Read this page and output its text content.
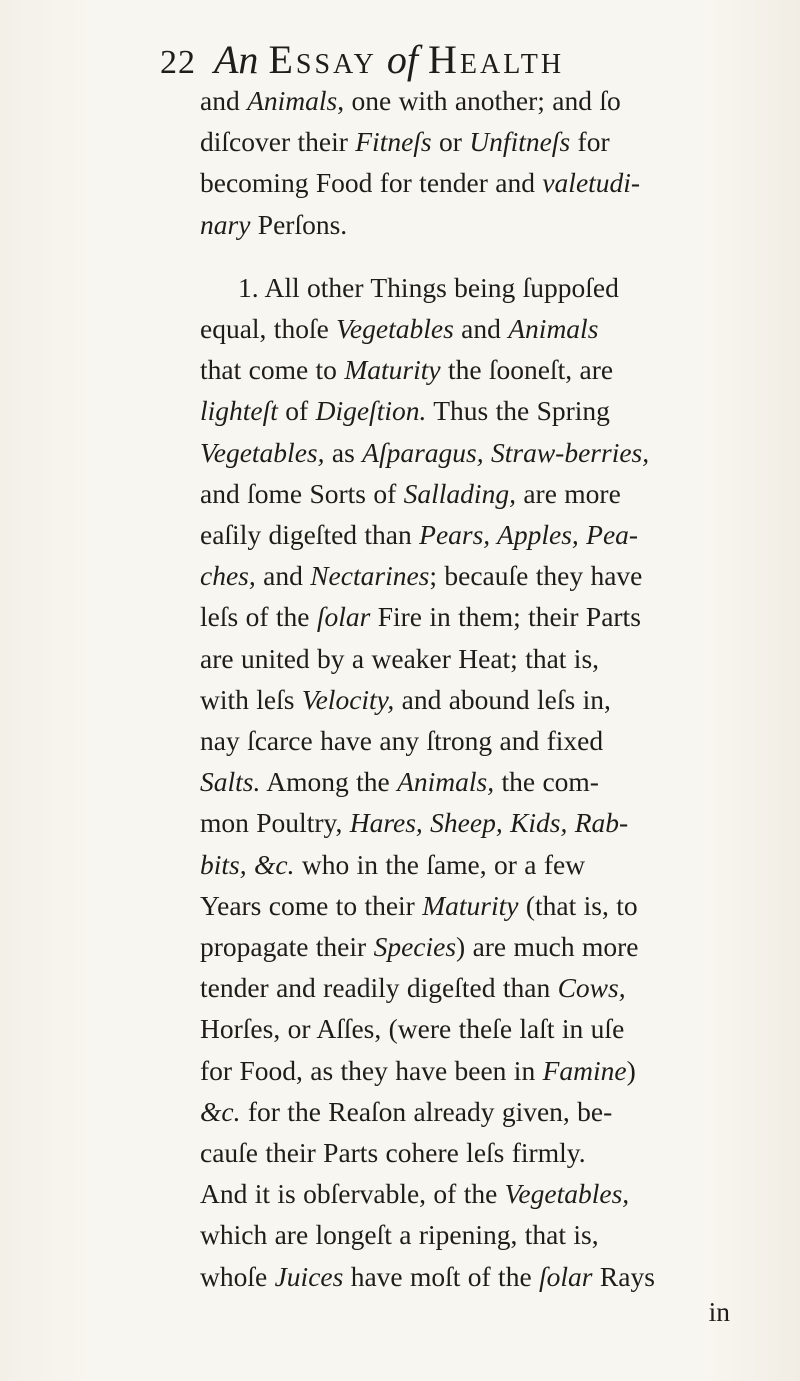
22 An Essay of Health
and Animals, one with another; and ſo
diſcover their Fitneſs or Unfitneſs for
becoming Food for tender and valetudi-
nary Perſons.
1. All other Things being ſuppoſed
equal, thoſe Vegetables and Animals
that come to Maturity the ſooneſt, are
lighteſt of Digeſtion. Thus the Spring
Vegetables, as Aſparagus, Straw-berries,
and ſome Sorts of Sallading, are more
eaſily digeſted than Pears, Apples, Pea-
ches, and Nectarines; becauſe they have
leſs of the ſolar Fire in them; their Parts
are united by a weaker Heat; that is,
with leſs Velocity, and abound leſs in,
nay ſcarce have any ſtrong and fixed
Salts. Among the Animals, the com-
mon Poultry, Hares, Sheep, Kids, Rab-
bits, &c. who in the ſame, or a few
Years come to their Maturity (that is, to
propagate their Species) are much more
tender and readily digeſted than Cows,
Horſes, or Aſſes, (were theſe laſt in uſe
for Food, as they have been in Famine)
&c. for the Reaſon already given, be-
cauſe their Parts cohere leſs firmly.
And it is obſervable, of the Vegetables,
which are longeſt a ripening, that is,
whoſe Juices have moſt of the ſolar Rays
in
